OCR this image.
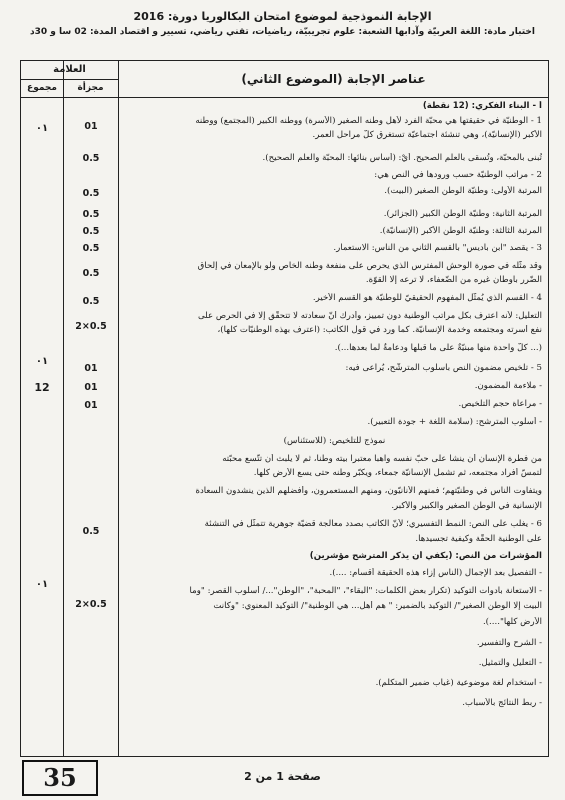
الإجابة النموذجية لموضوع امتحان البكالوريا دورة: 2016
اختبار مادة: اللغة العربيّة وآدابها الشعبة: علوم تجريبيّة، رياضيات، تقني رياضي، تسيير و اقتصاد المدة: 02 سا و 30د
العلامة
مجموع	مجزأة
عناصر الإجابة (الموضوع الثاني)
أ - البناء الفكري: (12 نقطة)
1 - الوطنيّة في حقيقتها هي محبّة الفرد لأهل وطنه الصغير (الأسرة) ووطنه الكبير (المجتمع) ووطنه
الأكبر (الإنسانيّة)، وهي تنشئة اجتماعيّة تستغرق كلّ مراحل العمر.
تُبنى بالمحبّة، وتُسقى بالعلم الصحيح. أيْ: (أساس بنائها: المحبّة والعلم الصحيح).
2 - مراتب الوطنيّة حسب ورودها في النص هي:
المرتبة الأولى: وطنيّة الوطن الصغير (البيت).
المرتبة الثانية: وطنيّة الوطن الكبير (الجزائر).
المرتبة الثالثة: وطنيّة الوطن الأكبر (الإنسانيّة).
3 - يقصد "ابن باديس" بالقسم الثاني من الناس: الاستعمار.
وقد مثّله في صورة الوحش المفترس الذي يحرص على منفعة وطنه الخاص ولو بالإمعان في إلحاق
الضّرر بأوطان غيره من الضّعفاء، لا ترعه إلا القوّة.
4 - القسم الذي يُمثّل المفهوم الحقيقيّ للوطنيّة هو القسم الأخير.
التعليل: لأنه اعترف بكل مراتب الوطنية دون تمييز، وأدرك أنّ سعادته لا تتحقّق إلا في الحرص على
نفع أسرته ومجتمعه وخدمة الإنسانيّة. كما ورد في قول الكاتب: (اعترف بهذه الوطنيّات كلّها)،
(... كلّ واحدة منها مبنيّةٌ على ما قبلها ودعامةٌ لما بعدها...).
5 - تلخيص مضمون النص بأسلوب المترشّح، يُراعى فيه:
- ملاءمة المضمون.
- مراعاة حجم التلخيص.
- أسلوب المترشح: (سلامة اللغة + جودة التعبير).
نموذج للتلخيص: (للاستئناس)
من فطرة الإنسان أن ينشأ على حبّ نفسه واهباً معتبراً بيته وطناً، ثم لا يلبث أن تتّسع محبّته
لتمسّ أفراد مجتمعه، ثم تشمل الإنسانيّة جمعاء، ويكبّر وطنه حتى يسع الأرض كلها.
ويتفاوت الناس في وطنيّتهم؛ فمنهم الأنانيّون، ومنهم المستعمرون، وأفضلهم الذين ينشدون السعادة
الإنسانية في الوطن الصغير والكبير والأكبر.
6 - يغلب على النص: النمط التفسيري؛ لأنّ الكاتب بصدد معالجة قضيّة جوهرية تتمثّل في التنشئة
على الوطنية الحقّة وكيفية تجسيدها.
المؤشرات من النص: (يكفي أن يذكر المترشح مؤشرين)
- التفصيل بعد الإجمال (الناس إزاء هذه الحقيقة أقسام: ....).
- الاستعانة بأدوات التوكيد (تكرار بعض الكلمات: "البقاء"، "المحبة"، "الوطن".../ أسلوب القصر: "وما
البيت إلا الوطن الصغير"/ التوكيد بالضمير: " هم أهل... هي الوطنية"/ التوكيد المعنوي: "وكانت
الأرض كلّها"....).
- الشرح والتفسير.
- التعليل والتمثيل.
- استخدام لغة موضوعية (غياب ضمير المتكلم).
- ربط النتائج بالأسباب.
01
0.5
0.5
0.5
0.5
0.5
0.5
0.5
2×0.5
01
01
01
0.5
2×0.5
٠١
٠١
12
٠١
35	صفحة 1 من 2
